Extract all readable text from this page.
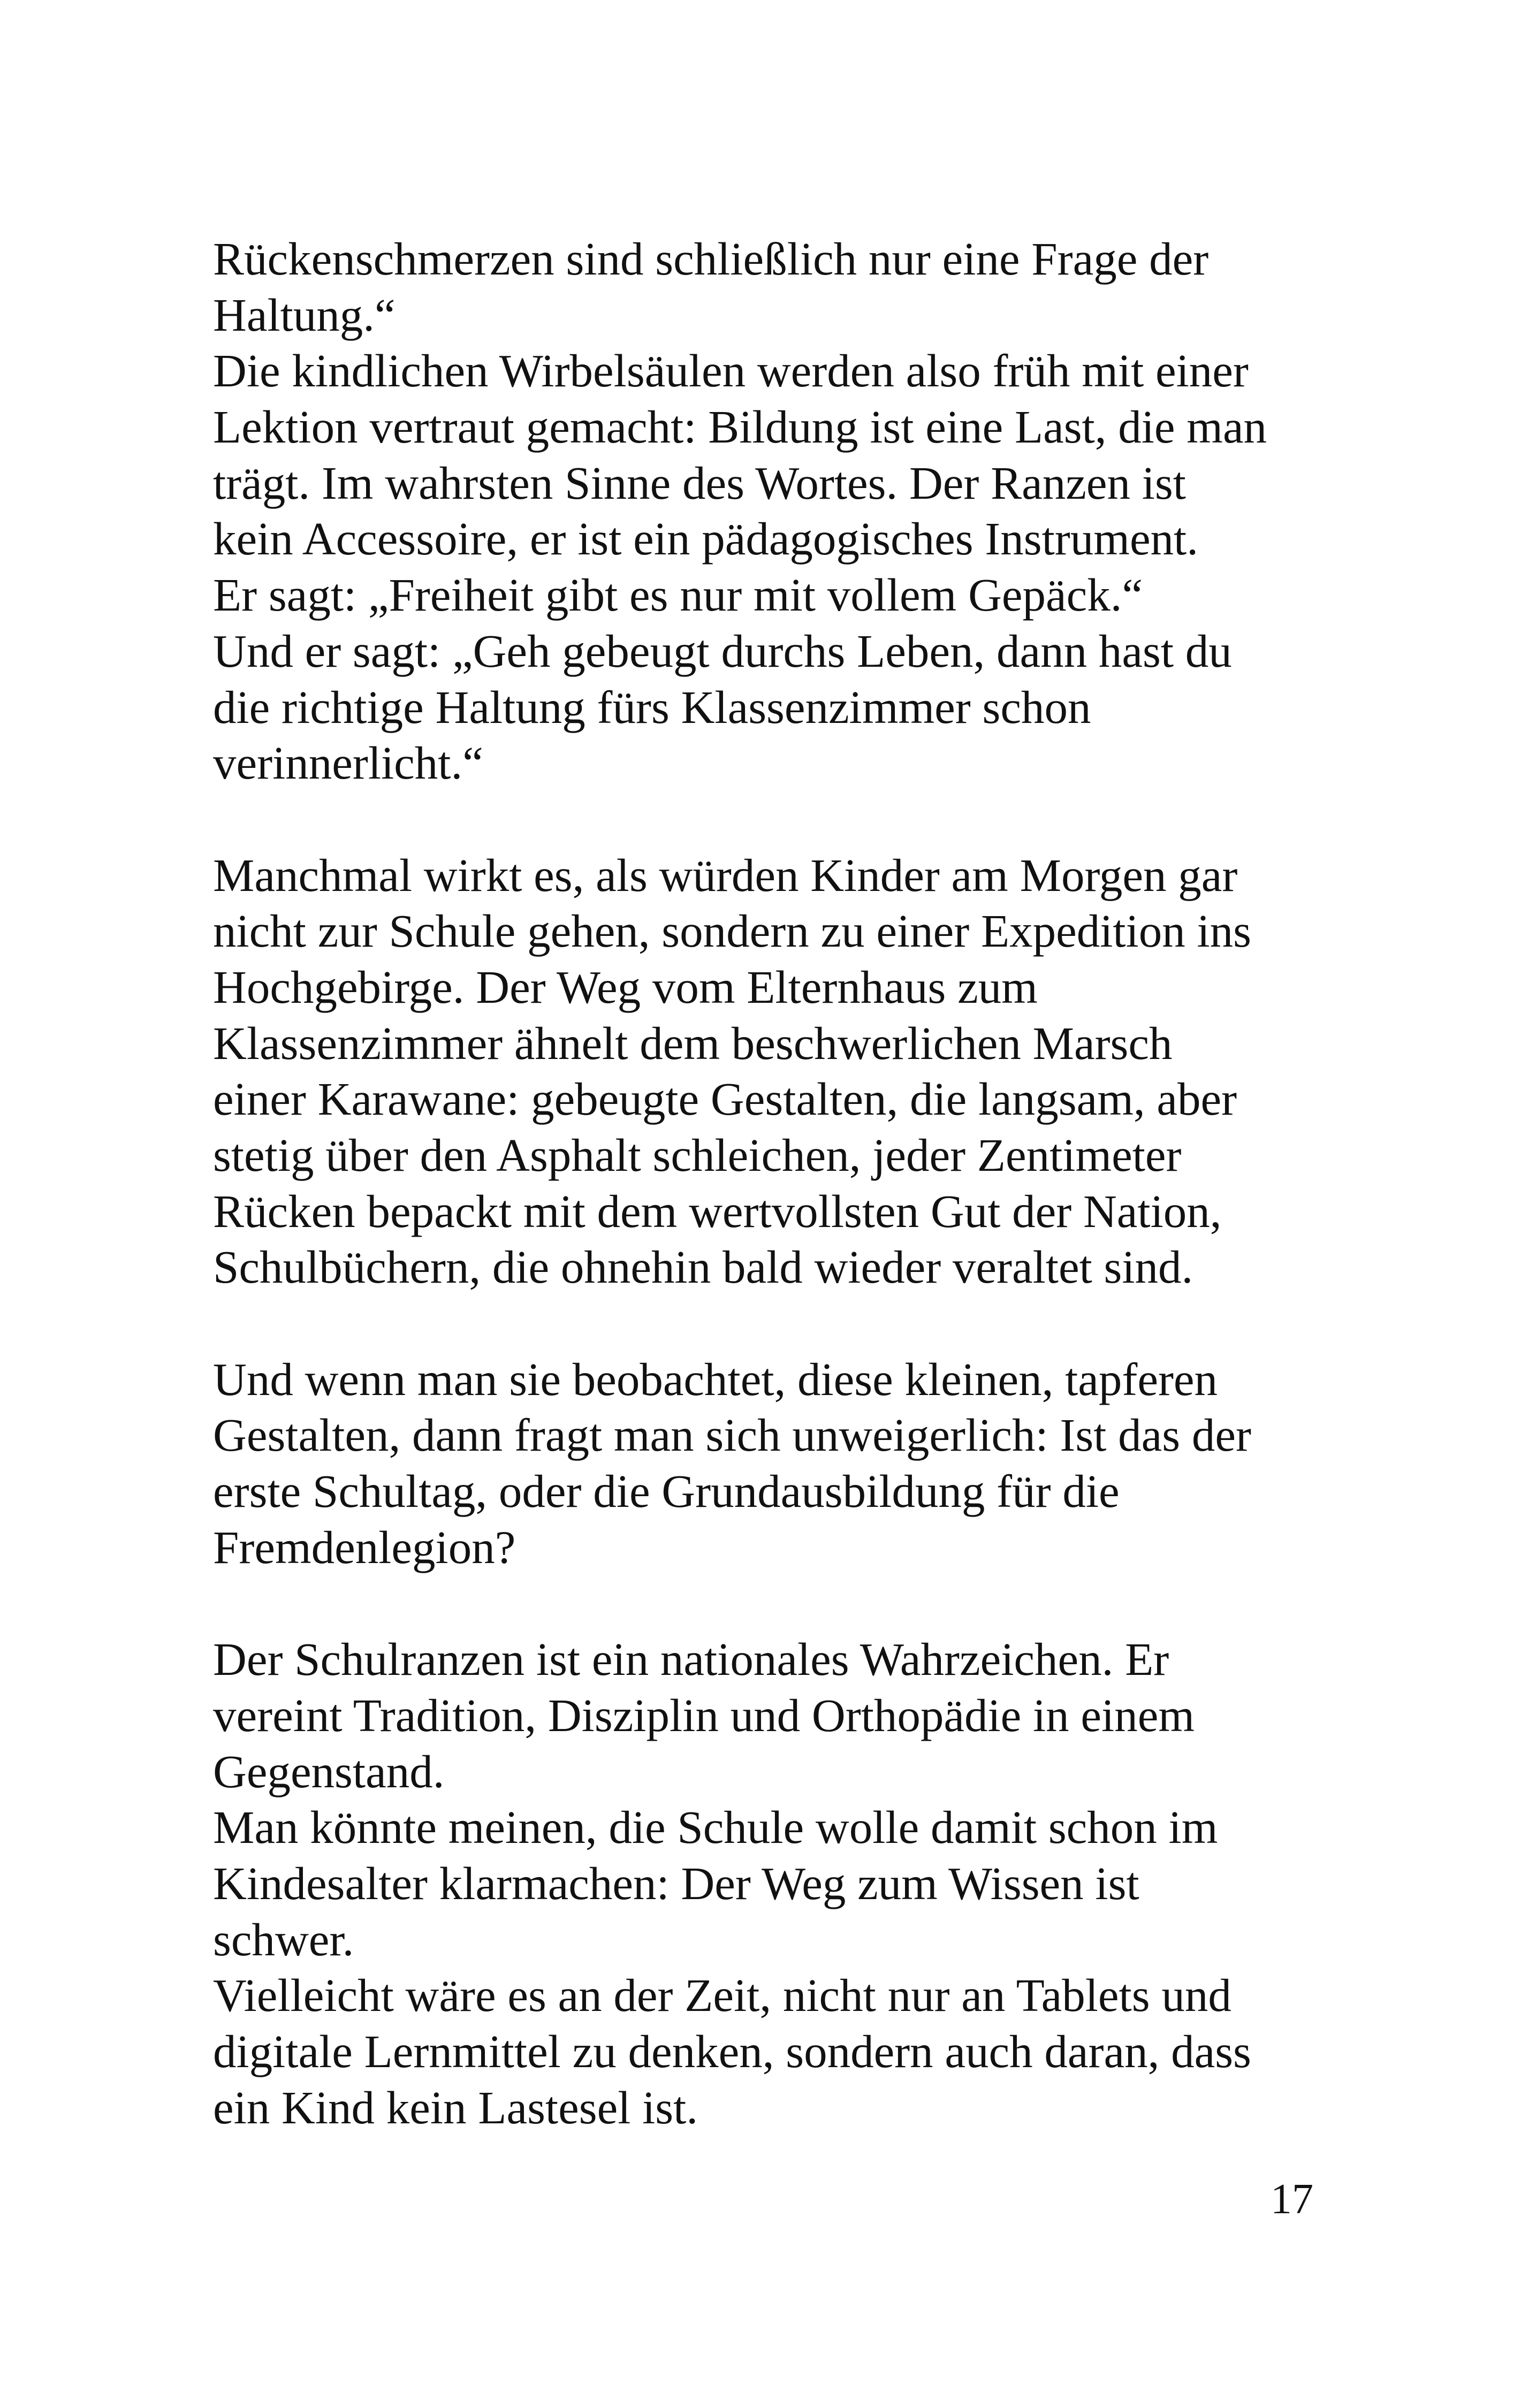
Rückenschmerzen sind schließlich nur eine Frage der
Haltung.“
Die kindlichen Wirbelsäulen werden also früh mit einer
Lektion vertraut gemacht: Bildung ist eine Last, die man
trägt. Im wahrsten Sinne des Wortes. Der Ranzen ist
kein Accessoire, er ist ein pädagogisches Instrument.
Er sagt: „Freiheit gibt es nur mit vollem Gepäck.“
Und er sagt: „Geh gebeugt durchs Leben, dann hast du
die richtige Haltung fürs Klassenzimmer schon
verinnerlicht.“
Manchmal wirkt es, als würden Kinder am Morgen gar
nicht zur Schule gehen, sondern zu einer Expedition ins
Hochgebirge. Der Weg vom Elternhaus zum
Klassenzimmer ähnelt dem beschwerlichen Marsch
einer Karawane: gebeugte Gestalten, die langsam, aber
stetig über den Asphalt schleichen, jeder Zentimeter
Rücken bepackt mit dem wertvollsten Gut der Nation,
Schulbüchern, die ohnehin bald wieder veraltet sind.
Und wenn man sie beobachtet, diese kleinen, tapferen
Gestalten, dann fragt man sich unweigerlich: Ist das der
erste Schultag, oder die Grundausbildung für die
Fremdenlegion?
Der Schulranzen ist ein nationales Wahrzeichen. Er
vereint Tradition, Disziplin und Orthopädie in einem
Gegenstand.
Man könnte meinen, die Schule wolle damit schon im
Kindesalter klarmachen: Der Weg zum Wissen ist
schwer.
Vielleicht wäre es an der Zeit, nicht nur an Tablets und
digitale Lernmittel zu denken, sondern auch daran, dass
ein Kind kein Lastesel ist.
17
